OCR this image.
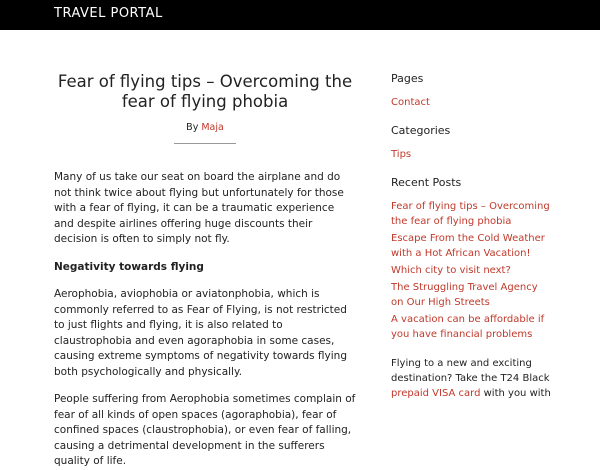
TRAVEL PORTAL
Fear of flying tips – Overcoming the fear of flying phobia
By Maja

Many of us take our seat on board the airplane and do not think twice about flying but unfortunately for those with a fear of flying, it can be a traumatic experience and despite airlines offering huge discounts their decision is often to simply not fly.

Negativity towards flying

Aerophobia, aviophobia or aviatonphobia, which is commonly referred to as Fear of Flying, is not restricted to just flights and flying, it is also related to claustrophobia and even agoraphobia in some cases, causing extreme symptoms of negativity towards flying both psychologically and physically.

People suffering from Aerophobia sometimes complain of fear of all kinds of open spaces (agoraphobia), fear of confined spaces (claustrophobia), or even fear of falling, causing a detrimental development in the sufferers quality of life.

Pages
Contact
Categories
Tips
Recent Posts
Fear of flying tips – Overcoming the fear of flying phobia
Escape From the Cold Weather with a Hot African Vacation!
Which city to visit next?
The Struggling Travel Agency on Our High Streets
A vacation can be affordable if you have financial problems
Flying to a new and exciting destination? Take the T24 Black prepaid VISA card with you with
